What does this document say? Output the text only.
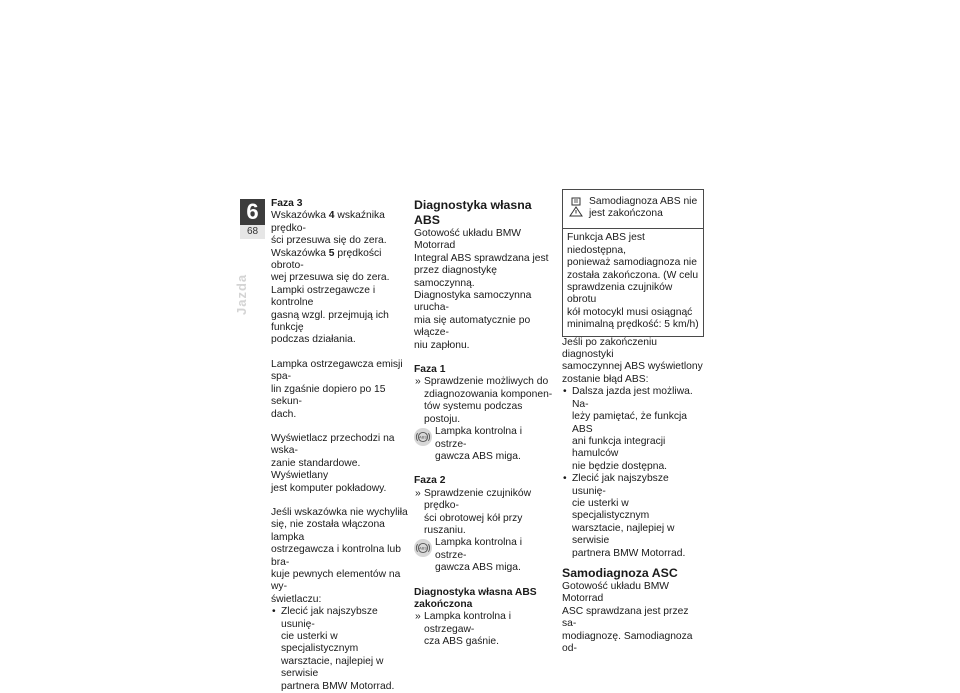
6
68
Jazda

Faza 3

Wskazówka 4 wskaźnika prędko-

ści przesuwa się do zera.

Wskazówka 5 prędkości obroto-

wej przesuwa się do zera.

Lampki ostrzegawcze i kontrolne

gasną wzgl. przejmują ich funkcję

podczas działania.

Lampka ostrzegawcza emisji spa-

lin zgaśnie dopiero po 15 sekun-

dach.

Wyświetlacz przechodzi na wska-

zanie standardowe. Wyświetlany

jest komputer pokładowy.

Jeśli wskazówka nie wychyliła

się, nie została włączona lampka

ostrzegawcza i kontrolna lub bra-

kuje pewnych elementów na wy-

świetlaczu:

• Zlecić jak najszybsze usunię-
cie usterki w specjalistycznym
warsztacie, najlepiej w serwisie
partnera BMW Motorrad.

Diagnostyka własna ABS

Gotowość układu BMW Motorrad

Integral ABS sprawdzana jest

przez diagnostykę samoczynną.

Diagnostyka samoczynna urucha-

mia się automatycznie po włącze-

niu zapłonu.

Faza 1

» Sprawdzenie możliwych do
zdiagnozowania komponen-
tów systemu podczas postoju.
ABS
Lampka kontrolna i ostrze-
gawcza ABS miga.

Faza 2

» Sprawdzenie czujników prędko-
ści obrotowej kół przy ruszaniu.
ABS
Lampka kontrolna i ostrze-
gawcza ABS miga.

Diagnostyka własna ABS

zakończona

» Lampka kontrolna i ostrzegaw-
cza ABS gaśnie.
Samodiagnoza ABS nie
jest zakończona
Funkcja ABS jest niedostępna,
ponieważ samodiagnoza nie
została zakończona. (W celu
sprawdzenia czujników obrotu
kół motocykl musi osiągnąć
minimalną prędkość: 5 km/h)

Jeśli po zakończeniu diagnostyki

samoczynnej ABS wyświetlony

zostanie błąd ABS:

• Dalsza jazda jest możliwa. Na-
leży pamiętać, że funkcja ABS
ani funkcja integracji hamulców
nie będzie dostępna.
• Zlecić jak najszybsze usunię-
cie usterki w specjalistycznym
warsztacie, najlepiej w serwisie
partnera BMW Motorrad.

Samodiagnoza ASC

Gotowość układu BMW Motorrad

ASC sprawdzana jest przez sa-

modiagnozę. Samodiagnoza od-
